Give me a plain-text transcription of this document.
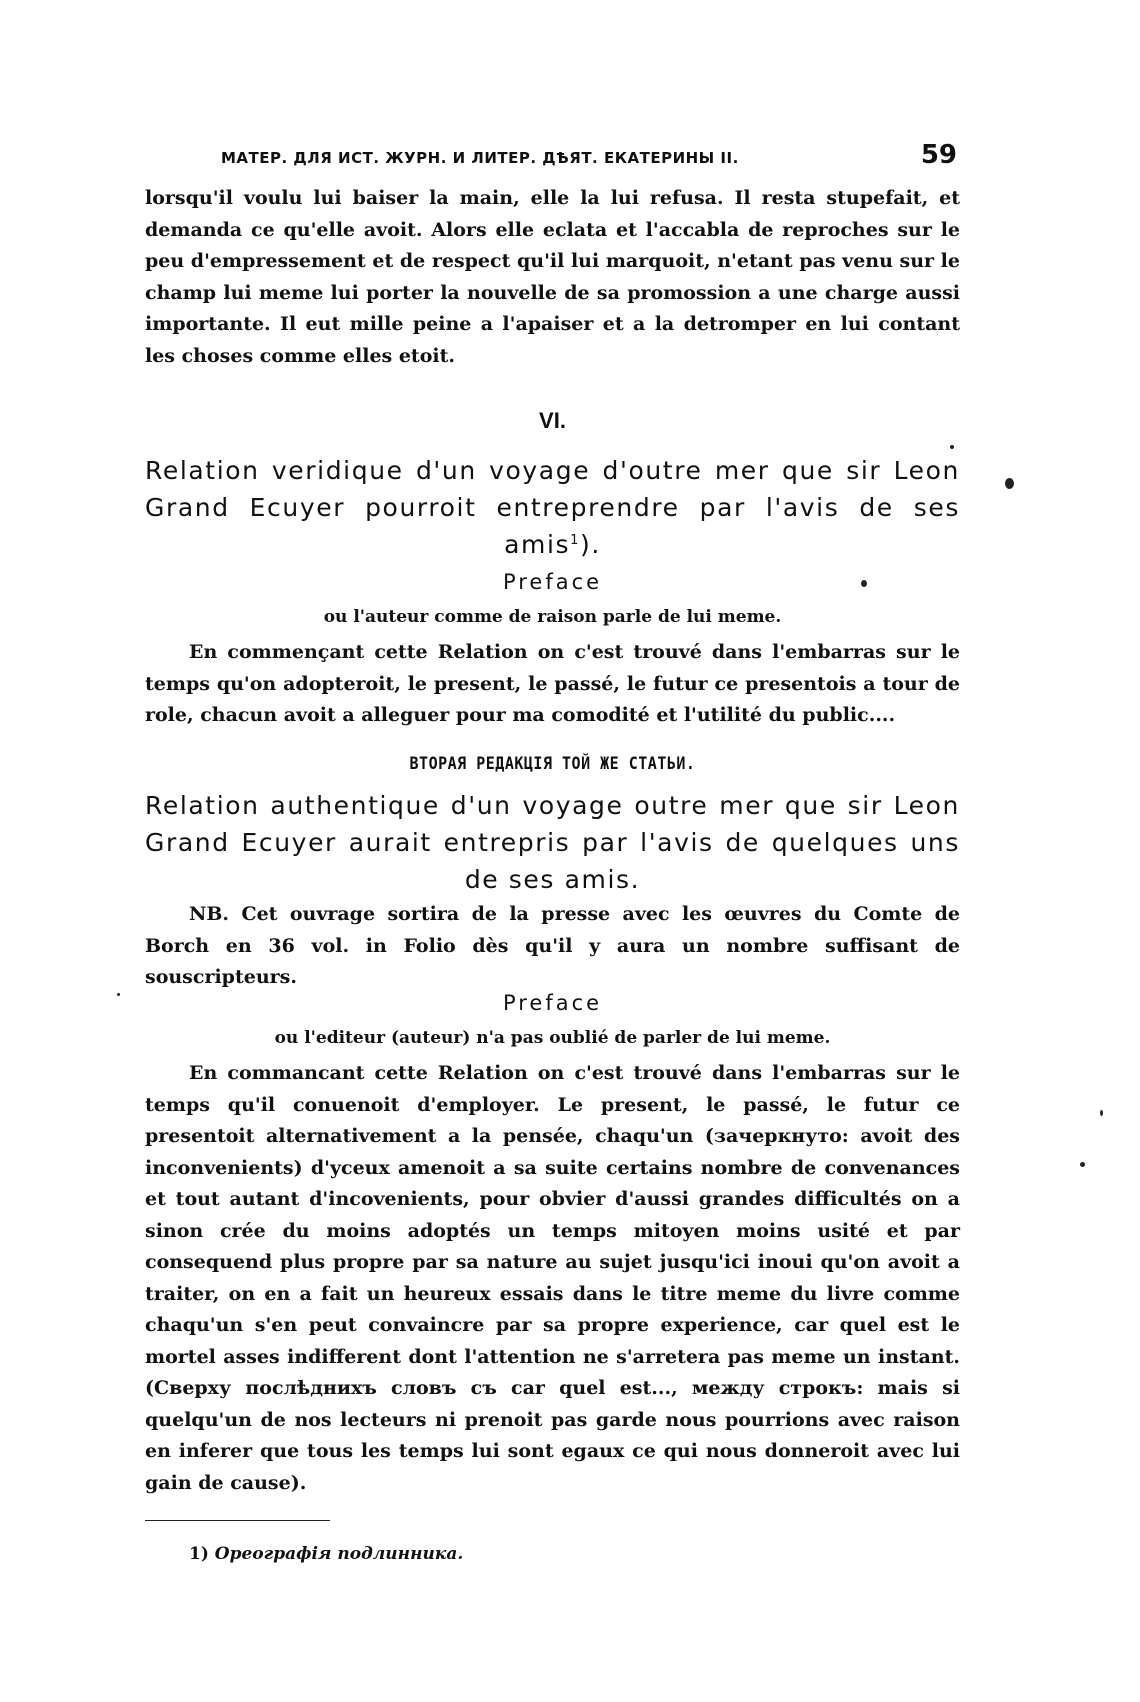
МАТЕР. ДЛЯ ИСТ. ЖУРН. И ЛИТЕР. ДѢЯТ. ЕКАТЕРИНЫ II.	59

lorsqu'il voulu lui baiser la main, elle la lui refusa. Il resta stupefait, et demanda ce qu'elle avoit. Alors elle eclata et l'accabla de reproches sur le peu d'empressement et de respect qu'il lui marquoit, n'etant pas venu sur le champ lui meme lui porter la nouvelle de sa promossion a une charge aussi importante. Il eut mille peine a l'apaiser et a la detromper en lui contant les choses comme elles etoit.

VI.
Relation veridique d'un voyage d'outre mer que sir Leon Grand Ecuyer pourroit entreprendre par l'avis de ses amis$^1$).
Preface
ou l'auteur comme de raison parle de lui meme.

En commençant cette Relation on c'est trouvé dans l'embarras sur le temps qu'on adopteroit, le present, le passé, le futur ce presentois a tour de role, chacun avoit a alleguer pour ma comodité et l'utilité du public....

ВТОРАЯ РЕДАКЦІЯ ТОЙ ЖЕ СТАТЬИ.
Relation authentique d'un voyage outre mer que sir Leon Grand Ecuyer aurait entrepris par l'avis de quelques uns de ses amis.

NB. Cet ouvrage sortira de la presse avec les œuvres du Comte de Borch en 36 vol. in Folio dès qu'il y aura un nombre suffisant de souscripteurs.

Preface
ou l'editeur (auteur) n'a pas oublié de parler de lui meme.

En commancant cette Relation on c'est trouvé dans l'embarras sur le temps qu'il conuenoit d'employer. Le present, le passé, le futur ce presentoit alternativement a la pensée, chaqu'un (зачеркнуто: avoit des inconvenients) d'yceux amenoit a sa suite certains nombre de convenances et tout autant d'incovenients, pour obvier d'aussi grandes difficultés on a sinon crée du moins adoptés un temps mitoyen moins usité et par consequend plus propre par sa nature au sujet jusqu'ici inoui qu'on avoit a traiter, on en a fait un heureux essais dans le titre meme du livre comme chaqu'un s'en peut convaincre par sa propre experience, car quel est le mortel asses indifferent dont l'attention ne s'arretera pas meme un instant. (Сверху послѣднихъ словъ съ car quel est..., между строкъ: mais si quelqu'un de nos lecteurs ni prenoit pas garde nous pourrions avec raison en inferer que tous les temps lui sont egaux ce qui nous donneroit avec lui gain de cause).

1) Ореографія подлинника.
